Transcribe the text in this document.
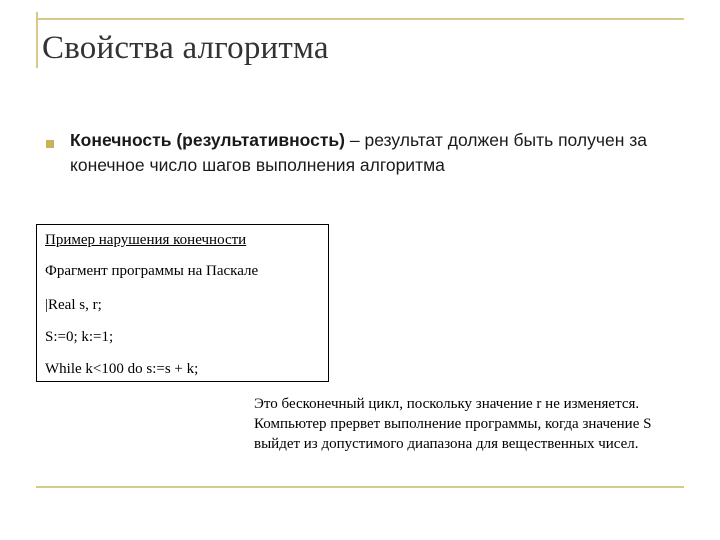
Свойства алгоритма
Конечность (результативность) – результат должен быть получен за конечное число шагов выполнения алгоритма
Пример нарушения конечности
Фрагмент программы на Паскале
|Real s, r;
S:=0; k:=1;
While k<100 do s:=s + k;
Это бесконечный цикл, поскольку значение r не изменяется. Компьютер прервет выполнение программы, когда значение S выйдет из допустимого диапазона для вещественных чисел.
